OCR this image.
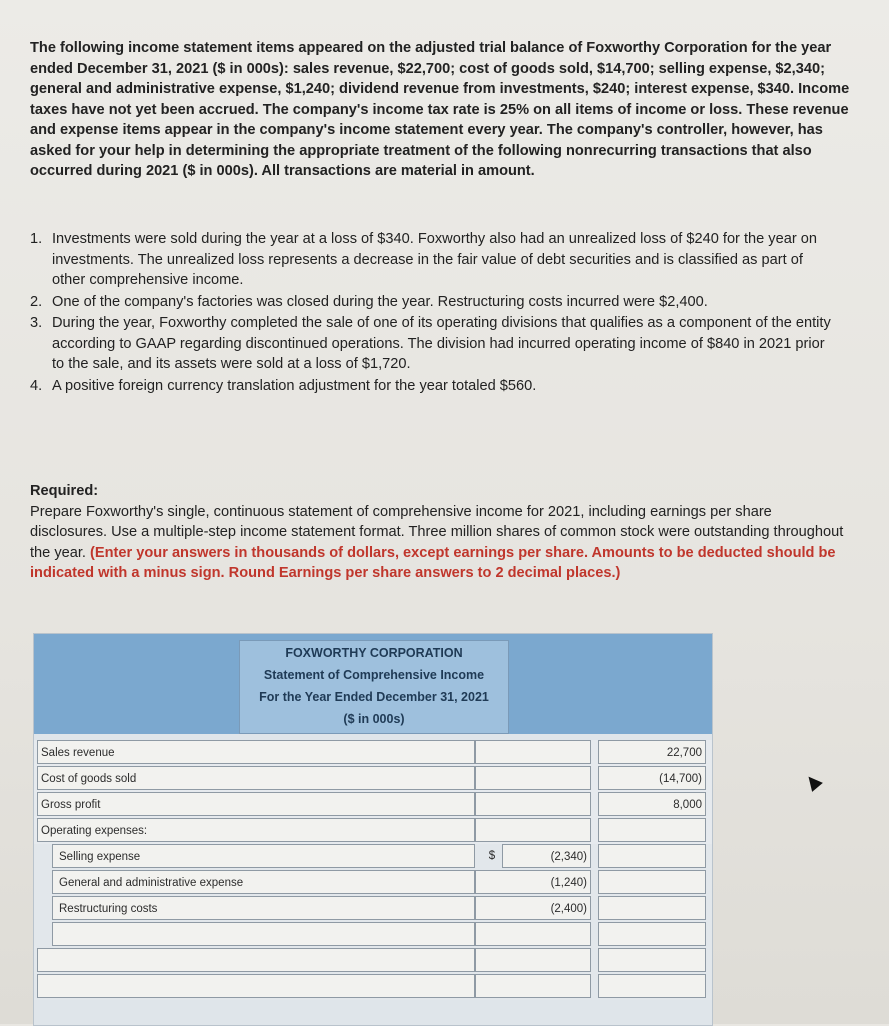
The following income statement items appeared on the adjusted trial balance of Foxworthy Corporation for the year ended December 31, 2021 ($ in 000s): sales revenue, $22,700; cost of goods sold, $14,700; selling expense, $2,340; general and administrative expense, $1,240; dividend revenue from investments, $240; interest expense, $340. Income taxes have not yet been accrued. The company's income tax rate is 25% on all items of income or loss. These revenue and expense items appear in the company's income statement every year. The company's controller, however, has asked for your help in determining the appropriate treatment of the following nonrecurring transactions that also occurred during 2021 ($ in 000s). All transactions are material in amount.
1. Investments were sold during the year at a loss of $340. Foxworthy also had an unrealized loss of $240 for the year on investments. The unrealized loss represents a decrease in the fair value of debt securities and is classified as part of other comprehensive income.
2. One of the company's factories was closed during the year. Restructuring costs incurred were $2,400.
3. During the year, Foxworthy completed the sale of one of its operating divisions that qualifies as a component of the entity according to GAAP regarding discontinued operations. The division had incurred operating income of $840 in 2021 prior to the sale, and its assets were sold at a loss of $1,720.
4. A positive foreign currency translation adjustment for the year totaled $560.
Required:
Prepare Foxworthy's single, continuous statement of comprehensive income for 2021, including earnings per share disclosures. Use a multiple-step income statement format. Three million shares of common stock were outstanding throughout the year. (Enter your answers in thousands of dollars, except earnings per share. Amounts to be deducted should be indicated with a minus sign. Round Earnings per share answers to 2 decimal places.)
FOXWORTHY CORPORATION
Statement of Comprehensive Income
For the Year Ended December 31, 2021
($ in 000s)
Sales revenue	22,700
Cost of goods sold	(14,700)
Gross profit	8,000
Operating expenses:
Selling expense	$	(2,340)
General and administrative expense	(1,240)
Restructuring costs	(2,400)
